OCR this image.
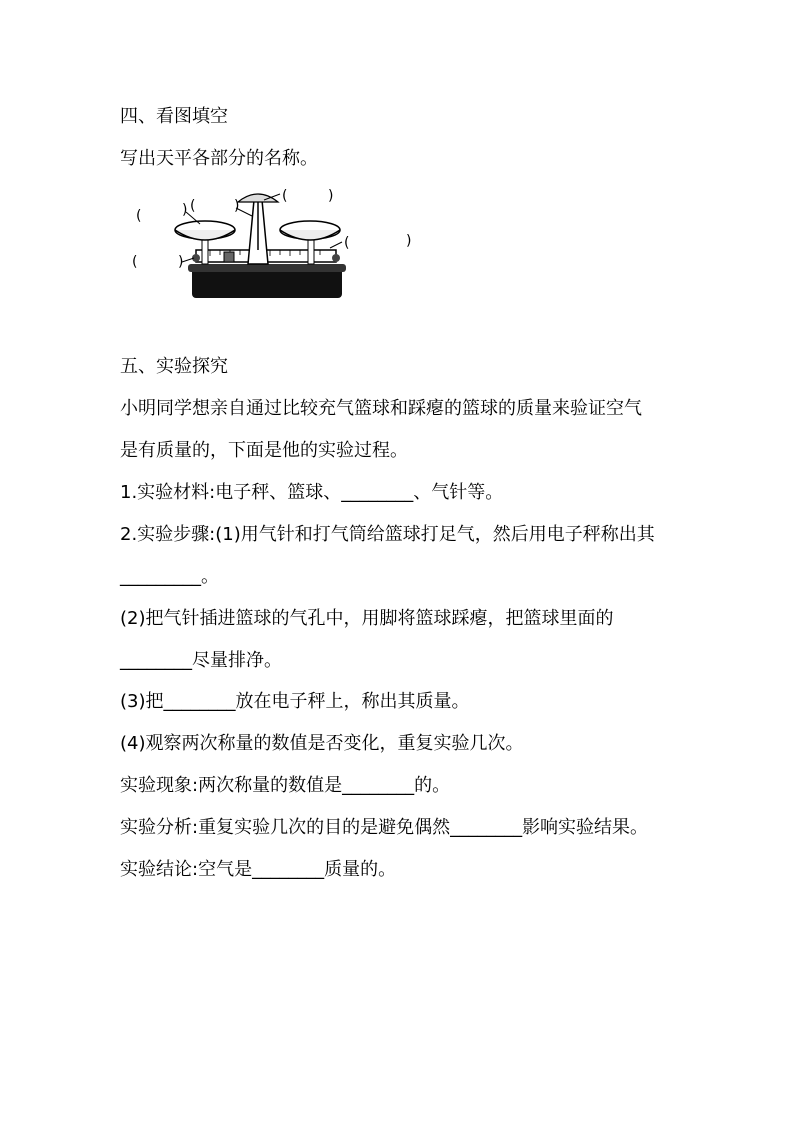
四、看图填空
写出天平各部分的名称。
(	) (	)
(	)
(	)
(	)
五、实验探究
小明同学想亲自通过比较充气篮球和踩瘪的篮球的质量来验证空气
是有质量的，下面是他的实验过程。
1.实验材料:电子秤、篮球、________、气针等。
2.实验步骤:(1)用气针和打气筒给篮球打足气，然后用电子秤称出其
_________。
(2)把气针插进篮球的气孔中，用脚将篮球踩瘪，把篮球里面的
________尽量排净。
(3)把________放在电子秤上，称出其质量。
(4)观察两次称量的数值是否变化，重复实验几次。
实验现象:两次称量的数值是________的。
实验分析:重复实验几次的目的是避免偶然________影响实验结果。
实验结论:空气是________质量的。
